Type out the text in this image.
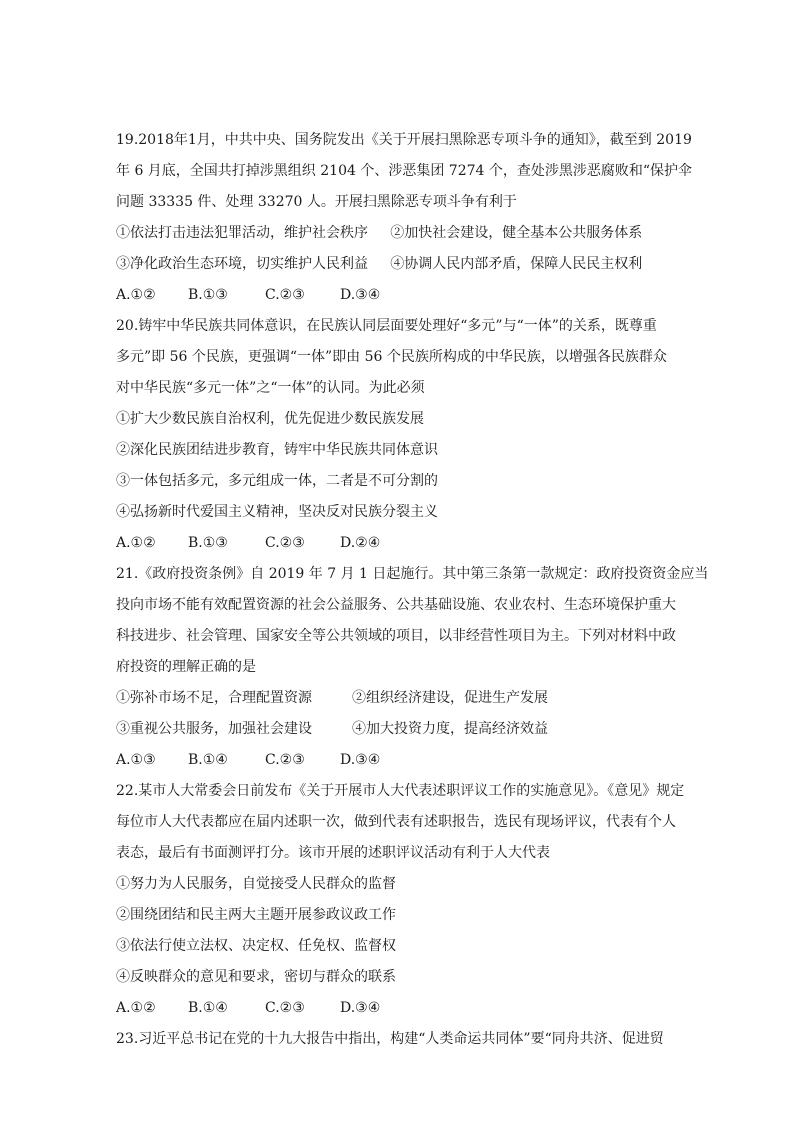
19.2018年1月，中共中央、国务院发出《关于开展扫黑除恶专项斗争的通知》，截至到 2019
年 6 月底，全国共打掉涉黑组织 2104 个、涉恶集团 7274 个，查处涉黑涉恶腐败和“保护伞
问题 33335 件、处理 33270 人。开展扫黑除恶专项斗争有利于
①依法打击违法犯罪活动，维护社会秩序     ②加快社会建设，健全基本公共服务体系
③净化政治生态环境，切实维护人民利益     ④协调人民内部矛盾，保障人民民主权利
A.①② B.①③	C.②③	D.③④
20.铸牢中华民族共同体意识，在民族认同层面要处理好“多元”与“一体”的关系，既尊重
多元”即 56 个民族，更强调“一体”即由 56 个民族所构成的中华民族，以增强各民族群众
对中华民族“多元一体”之“一体”的认同。为此必须
①扩大少数民族自治权利，优先促进少数民族发展
②深化民族团结进步教育，铸牢中华民族共同体意识
③一体包括多元，多元组成一体，二者是不可分割的
④弘扬新时代爱国主义精神，坚决反对民族分裂主义
A.①② B.①③	C.②③	D.②④
21.《政府投资条例》自 2019 年 7 月 1 日起施行。其中第三条第一款规定：政府投资资金应当
投向市场不能有效配置资源的社会公益服务、公共基础设施、农业农村、生态环境保护重大
科技进步、社会管理、国家安全等公共领域的项目，以非经营性项目为主。下列对材料中政
府投资的理解正确的是
①弥补市场不足，合理配置资源         ②组织经济建设，促进生产发展
③重视公共服务，加强社会建设         ④加大投资力度，提高经济效益
A.①③ B.①④	C.②③	D.③④
22.某市人大常委会日前发布《关于开展市人大代表述职评议工作的实施意见》。《意见》规定
每位市人大代表都应在届内述职一次，做到代表有述职报告，选民有现场评议，代表有个人
表态，最后有书面测评打分。该市开展的述职评议活动有利于人大代表
①努力为人民服务，自觉接受人民群众的监督
②围绕团结和民主两大主题开展参政议政工作
③依法行使立法权、决定权、任免权、监督权
④反映群众的意见和要求，密切与群众的联系
A.①② B.①④	C.②③	D.③④
23.习近平总书记在党的十九大报告中指出，构建“人类命运共同体”要“同舟共济、促进贸
